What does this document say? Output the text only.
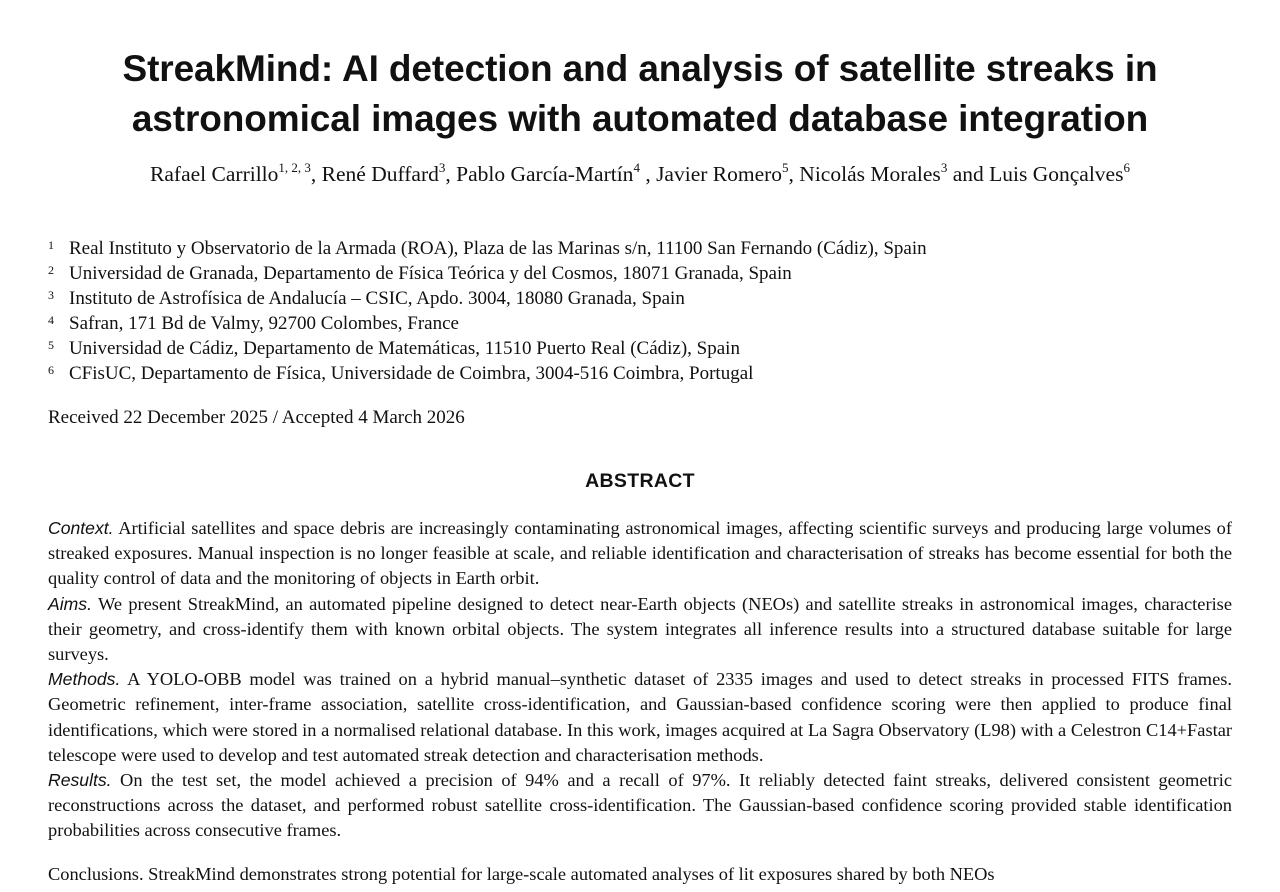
StreakMind: AI detection and analysis of satellite streaks in
astronomical images with automated database integration
Rafael Carrillo$^{1, 2, 3}$, René Duffard$^3$, Pablo García-Martín$^4$ , Javier Romero$^5$, Nicolás Morales$^3$ and Luis Gonçalves$^6$
1 Real Instituto y Observatorio de la Armada (ROA), Plaza de las Marinas s/n, 11100 San Fernando (Cádiz), Spain
2 Universidad de Granada, Departamento de Física Teórica y del Cosmos, 18071 Granada, Spain
3 Instituto de Astrofísica de Andalucía – CSIC, Apdo. 3004, 18080 Granada, Spain
4 Safran, 171 Bd de Valmy, 92700 Colombes, France
5 Universidad de Cádiz, Departamento de Matemáticas, 11510 Puerto Real (Cádiz), Spain
6 CFisUC, Departamento de Física, Universidade de Coimbra, 3004-516 Coimbra, Portugal
Received 22 December 2025 / Accepted 4 March 2026
ABSTRACT

Context. Artificial satellites and space debris are increasingly contaminating astronomical images, affecting scientific surveys and producing large volumes of streaked exposures. Manual inspection is no longer feasible at scale, and reliable identification and characterisation of streaks has become essential for both the quality control of data and the monitoring of objects in Earth orbit.

Aims. We present StreakMind, an automated pipeline designed to detect near-Earth objects (NEOs) and satellite streaks in astronomical images, characterise their geometry, and cross-identify them with known orbital objects. The system integrates all inference results into a structured database suitable for large surveys.

Methods. A YOLO-OBB model was trained on a hybrid manual–synthetic dataset of 2335 images and used to detect streaks in processed FITS frames. Geometric refinement, inter-frame association, satellite cross-identification, and Gaussian-based confidence scoring were then applied to produce final identifications, which were stored in a normalised relational database. In this work, images acquired at La Sagra Observatory (L98) with a Celestron C14+Fastar telescope were used to develop and test automated streak detection and characterisation methods.

Results. On the test set, the model achieved a precision of 94% and a recall of 97%. It reliably detected faint streaks, delivered consistent geometric reconstructions across the dataset, and performed robust satellite cross-identification. The Gaussian-based confidence scoring provided stable identification probabilities across consecutive frames.

Conclusions. StreakMind demonstrates strong potential for large-scale automated analyses of lit exposures shared by both NEOs
